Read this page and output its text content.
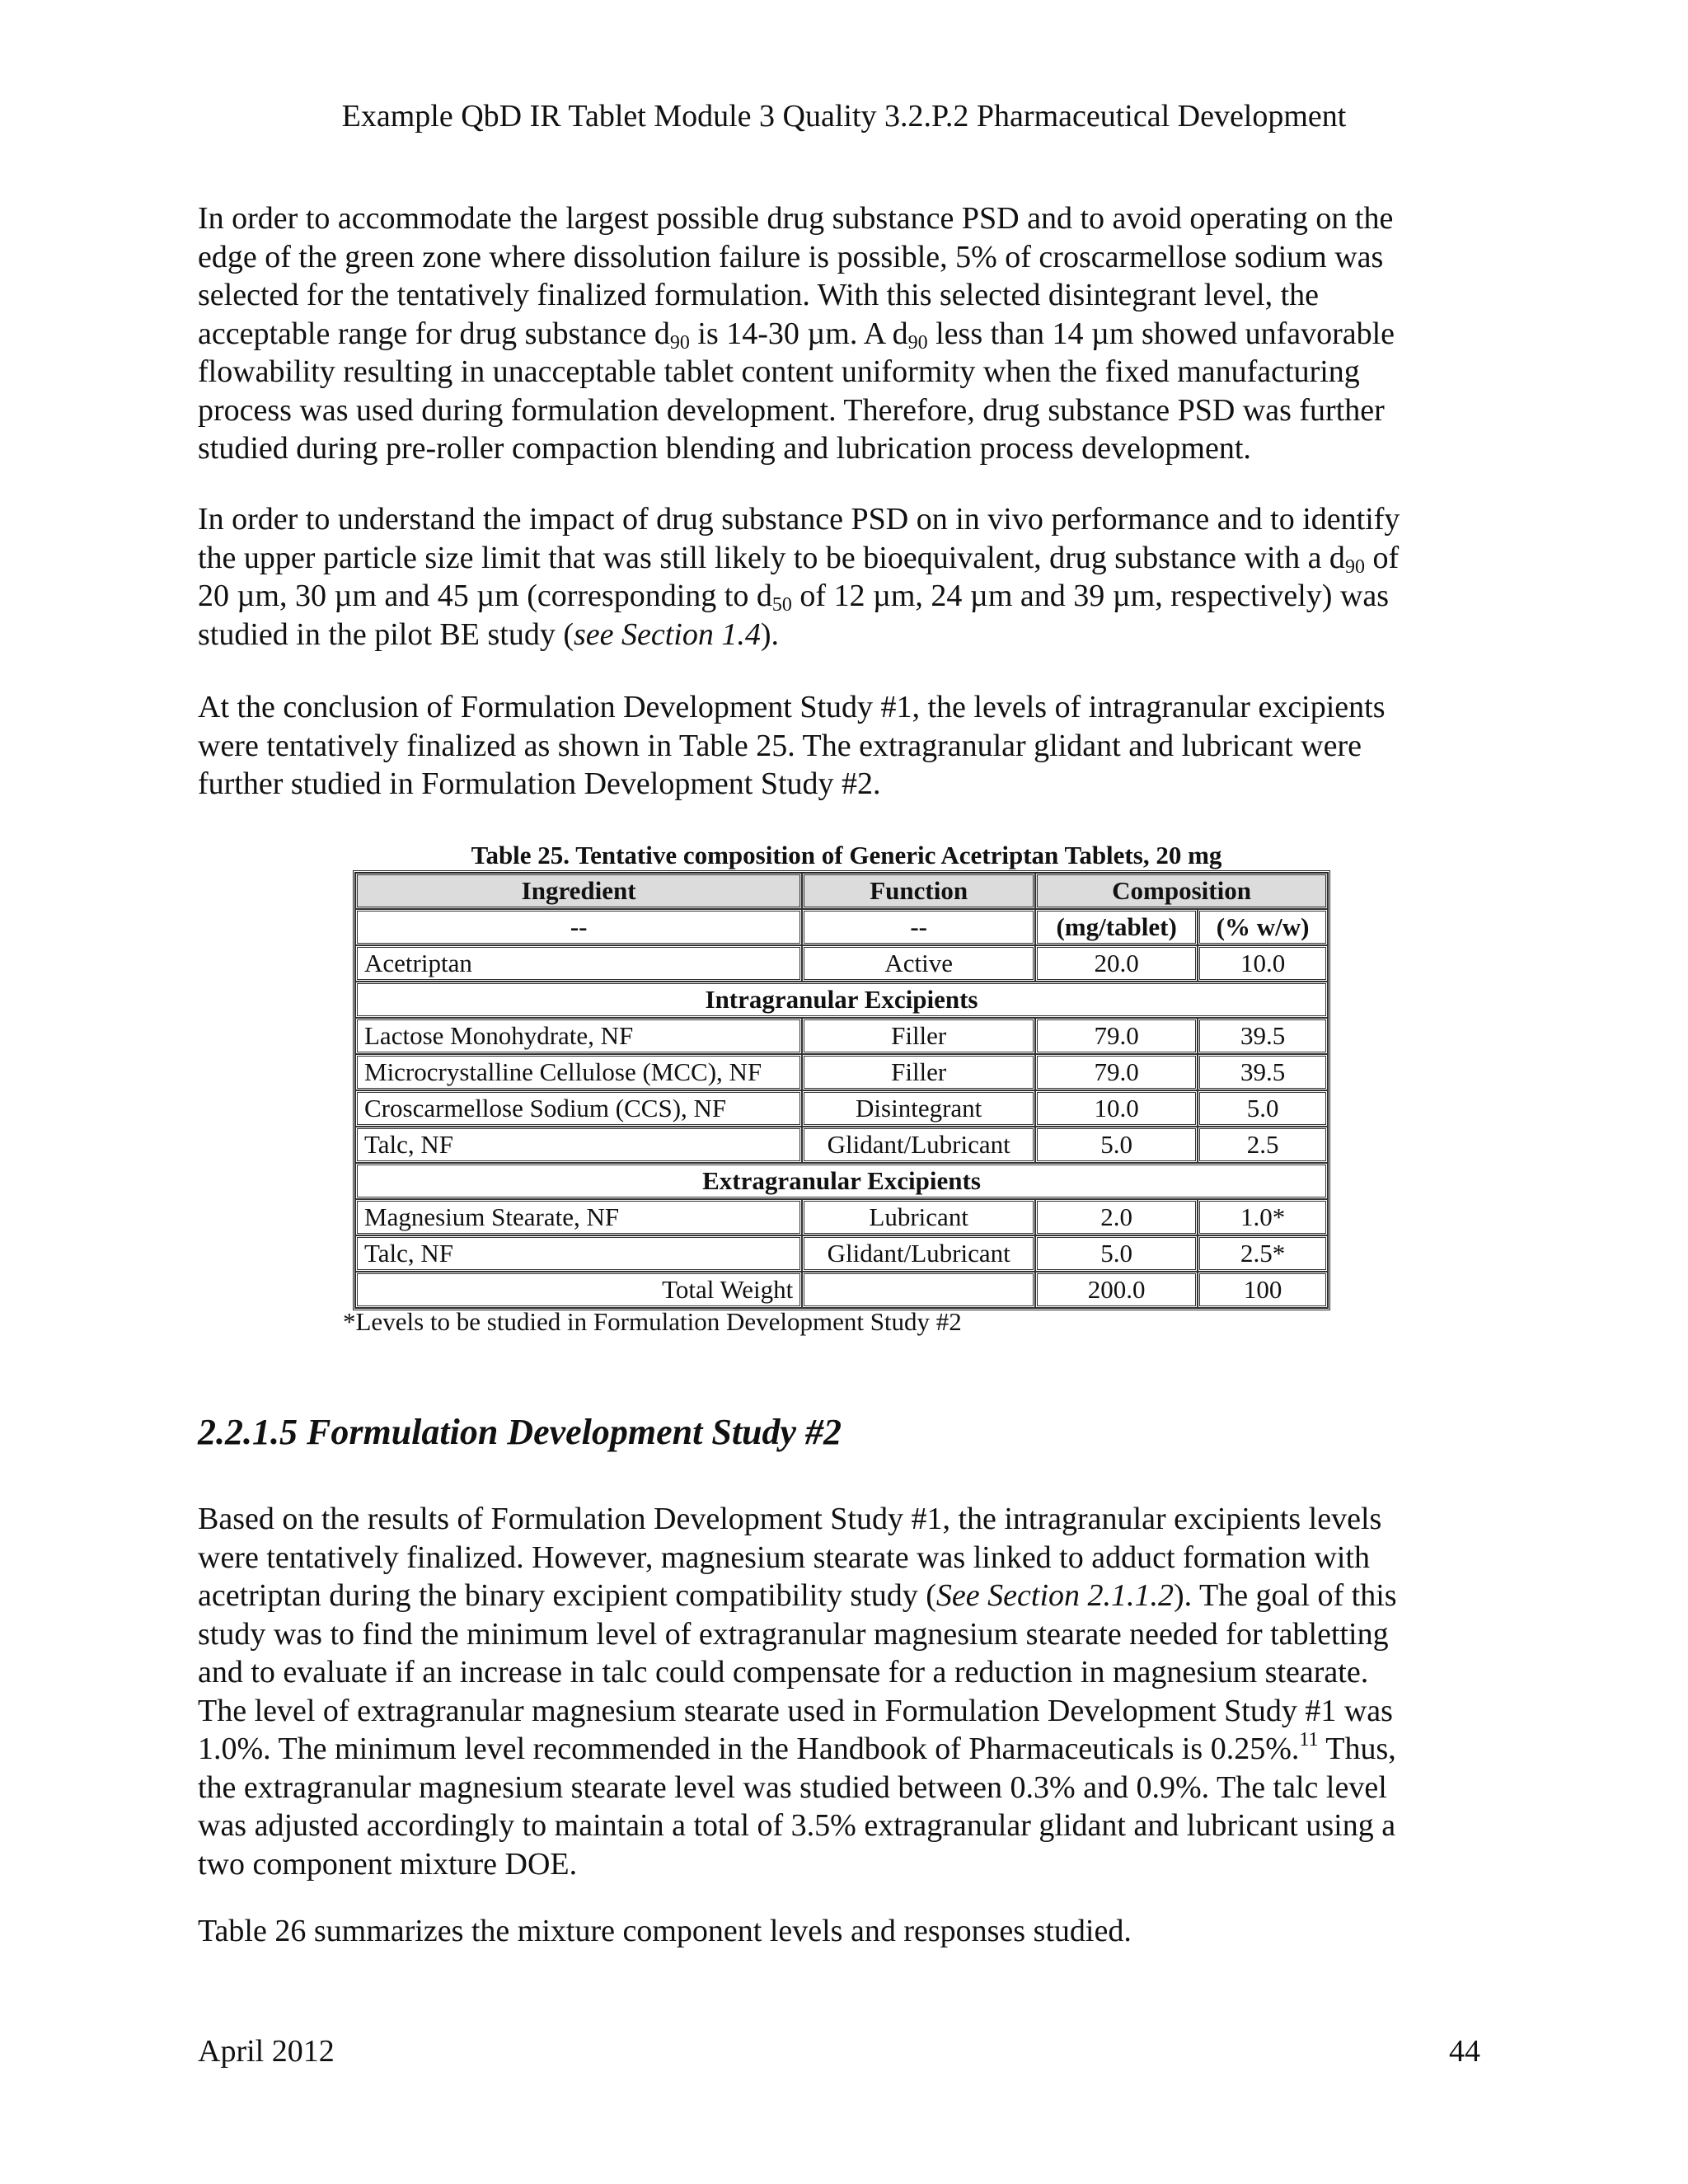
Example QbD IR Tablet Module 3 Quality 3.2.P.2 Pharmaceutical Development

In order to accommodate the largest possible drug substance PSD and to avoid operating on the
edge of the green zone where dissolution failure is possible, 5% of croscarmellose sodium was
selected for the tentatively finalized formulation. With this selected disintegrant level, the
acceptable range for drug substance $d_{90}$ is 14-30 µm. A $d_{90}$ less than 14 µm showed unfavorable
flowability resulting in unacceptable tablet content uniformity when the fixed manufacturing
process was used during formulation development. Therefore, drug substance PSD was further
studied during pre-roller compaction blending and lubrication process development.

In order to understand the impact of drug substance PSD on in vivo performance and to identify
the upper particle size limit that was still likely to be bioequivalent, drug substance with a $d_{90}$ of
20 µm, 30 µm and 45 µm (corresponding to $d_{50}$ of 12 µm, 24 µm and 39 µm, respectively) was
studied in the pilot BE study (see Section 1.4).

At the conclusion of Formulation Development Study #1, the levels of intragranular excipients
were tentatively finalized as shown in Table 25. The extragranular glidant and lubricant were
further studied in Formulation Development Study #2.

Table 25. Tentative composition of Generic Acetriptan Tablets, 20 mg
Ingredient	Function	Composition	
--	--	(mg/tablet)	(% w/w)
Acetriptan	Active	20.0	10.0
Intragranular Excipients			
Lactose Monohydrate, NF	Filler	79.0	39.5
Microcrystalline Cellulose (MCC), NF	Filler	79.0	39.5
Croscarmellose Sodium (CCS), NF	Disintegrant	10.0	5.0
Talc, NF	Glidant/Lubricant	5.0	2.5
Extragranular Excipients			
Magnesium Stearate, NF	Lubricant	2.0	1.0*
Talc, NF	Glidant/Lubricant	5.0	2.5*
Total Weight		200.0	100
*Levels to be studied in Formulation Development Study #2
2.2.1.5 Formulation Development Study #2

Based on the results of Formulation Development Study #1, the intragranular excipients levels
were tentatively finalized. However, magnesium stearate was linked to adduct formation with
acetriptan during the binary excipient compatibility study (See Section 2.1.1.2). The goal of this
study was to find the minimum level of extragranular magnesium stearate needed for tabletting
and to evaluate if an increase in talc could compensate for a reduction in magnesium stearate.
The level of extragranular magnesium stearate used in Formulation Development Study #1 was
1.0%. The minimum level recommended in the Handbook of Pharmaceuticals is 0.25%.$^{11}$ Thus,
the extragranular magnesium stearate level was studied between 0.3% and 0.9%. The talc level
was adjusted accordingly to maintain a total of 3.5% extragranular glidant and lubricant using a
two component mixture DOE.

Table 26 summarizes the mixture component levels and responses studied.

April 2012	44
